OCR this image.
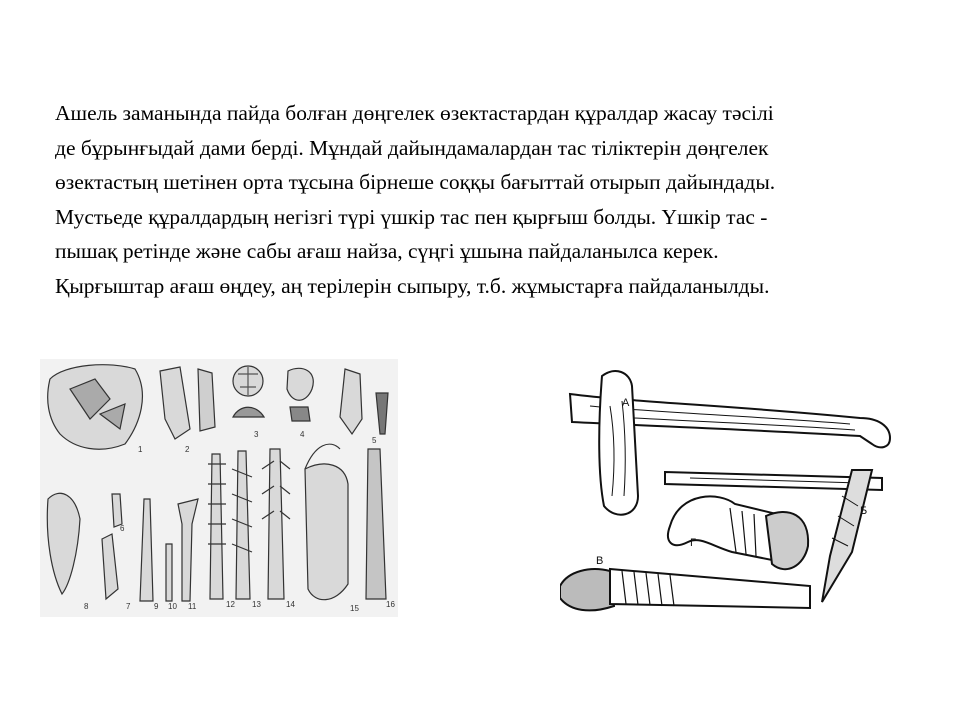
Ашель заманында пайда болған дөңгелек өзектастардан құралдар жасау тәсілі
де бұрынғыдай дами берді. Мұндай дайындамалардан тас тіліктерін дөңгелек
өзектастың шетінен орта тұсына бірнеше соққы бағыттай отырып дайындады.
Мустьеде құралдардың негізгі түрі үшкір тас пен қырғыш болды. Үшкір тас -
пышақ ретінде және сабы ағаш найза, сүңгі ұшына пайдаланылса керек.
Қырғыштар ағаш өңдеу, аң терілерін сыпыру, т.б. жұмыстарға пайдаланылды.
1	2
3	4
5
6
7
8	9 10 11	12 13	14	15	16
А
Б
В
Г
